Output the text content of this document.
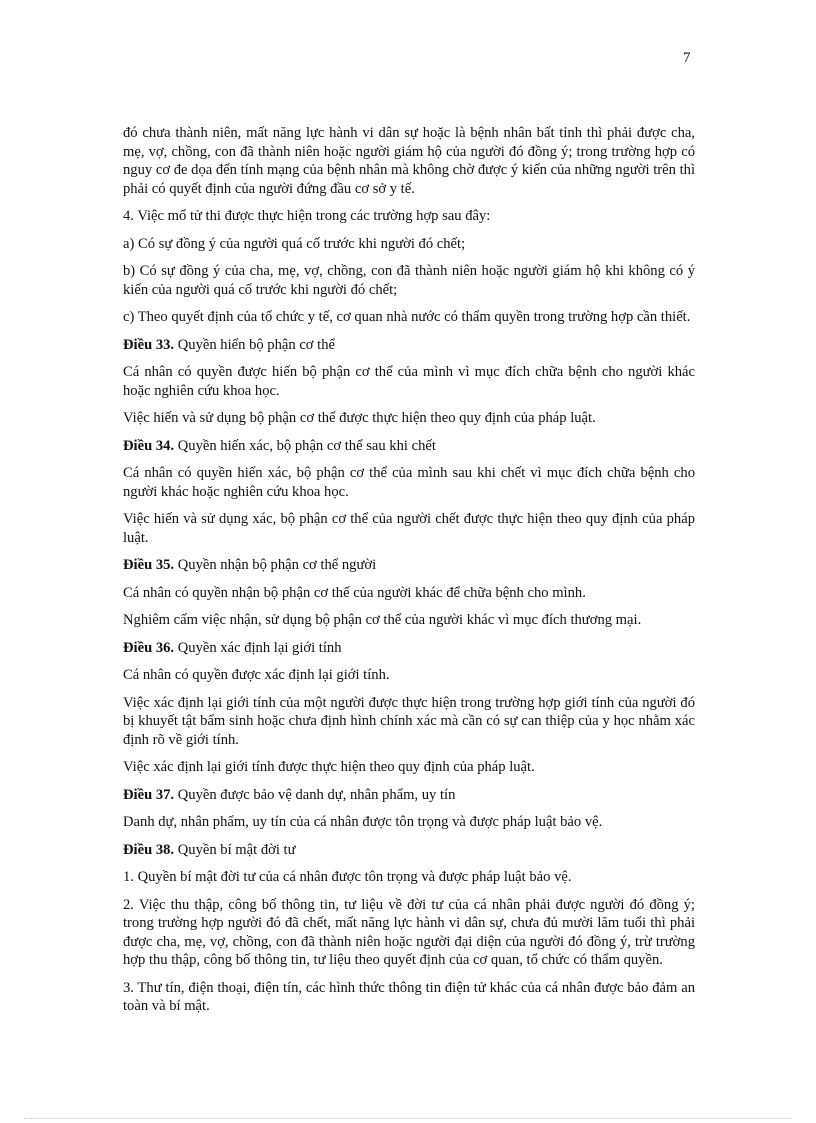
7

đó chưa thành niên, mất năng lực hành vi dân sự hoặc là bệnh nhân bất tỉnh thì phải được cha, mẹ, vợ, chồng, con đã thành niên hoặc người giám hộ của người đó đồng ý; trong trường hợp có nguy cơ đe dọa đến tính mạng của bệnh nhân mà không chờ được ý kiến của những người trên thì phải có quyết định của người đứng đầu cơ sở y tế.

4. Việc mổ tử thi được thực hiện trong các trường hợp sau đây:

a) Có sự đồng ý của người quá cố trước khi người đó chết;

b) Có sự đồng ý của cha, mẹ, vợ, chồng, con đã thành niên hoặc người giám hộ khi không có ý kiến của người quá cố trước khi người đó chết;

c) Theo quyết định của tổ chức y tế, cơ quan nhà nước có thẩm quyền trong trường hợp cần thiết.

Điều 33. Quyền hiến bộ phận cơ thể

Cá nhân có quyền được hiến bộ phận cơ thể của mình vì mục đích chữa bệnh cho người khác hoặc nghiên cứu khoa học.

Việc hiến và sử dụng bộ phận cơ thể được thực hiện theo quy định của pháp luật.

Điều 34. Quyền hiến xác, bộ phận cơ thể sau khi chết

Cá nhân có quyền hiến xác, bộ phận cơ thể của mình sau khi chết vì mục đích chữa bệnh cho người khác hoặc nghiên cứu khoa học.

Việc hiến và sử dụng xác, bộ phận cơ thể của người chết được thực hiện theo quy định của pháp luật.

Điều 35. Quyền nhận bộ phận cơ thể người

Cá nhân có quyền nhận bộ phận cơ thể của người khác để chữa bệnh cho mình.

Nghiêm cấm việc nhận, sử dụng bộ phận cơ thể của người khác vì mục đích thương mại.

Điều 36. Quyền xác định lại giới tính

Cá nhân có quyền được xác định lại giới tính.

Việc xác định lại giới tính của một người được thực hiện trong trường hợp giới tính của người đó bị khuyết tật bẩm sinh hoặc chưa định hình chính xác mà cần có sự can thiệp của y học nhằm xác định rõ về giới tính.

Việc xác định lại giới tính được thực hiện theo quy định của pháp luật.

Điều 37. Quyền được bảo vệ danh dự, nhân phẩm, uy tín

Danh dự, nhân phẩm, uy tín của cá nhân được tôn trọng và được pháp luật bảo vệ.

Điều 38. Quyền bí mật đời tư

1. Quyền bí mật đời tư của cá nhân được tôn trọng và được pháp luật bảo vệ.

2. Việc thu thập, công bố thông tin, tư liệu về đời tư của cá nhân phải được người đó đồng ý; trong trường hợp người đó đã chết, mất năng lực hành vi dân sự, chưa đủ mười lăm tuổi thì phải được cha, mẹ, vợ, chồng, con đã thành niên hoặc người đại diện của người đó đồng ý, trừ trường hợp thu thập, công bố thông tin, tư liệu theo quyết định của cơ quan, tổ chức có thẩm quyền.

3. Thư tín, điện thoại, điện tín, các hình thức thông tin điện tử khác của cá nhân được bảo đảm an toàn và bí mật.
